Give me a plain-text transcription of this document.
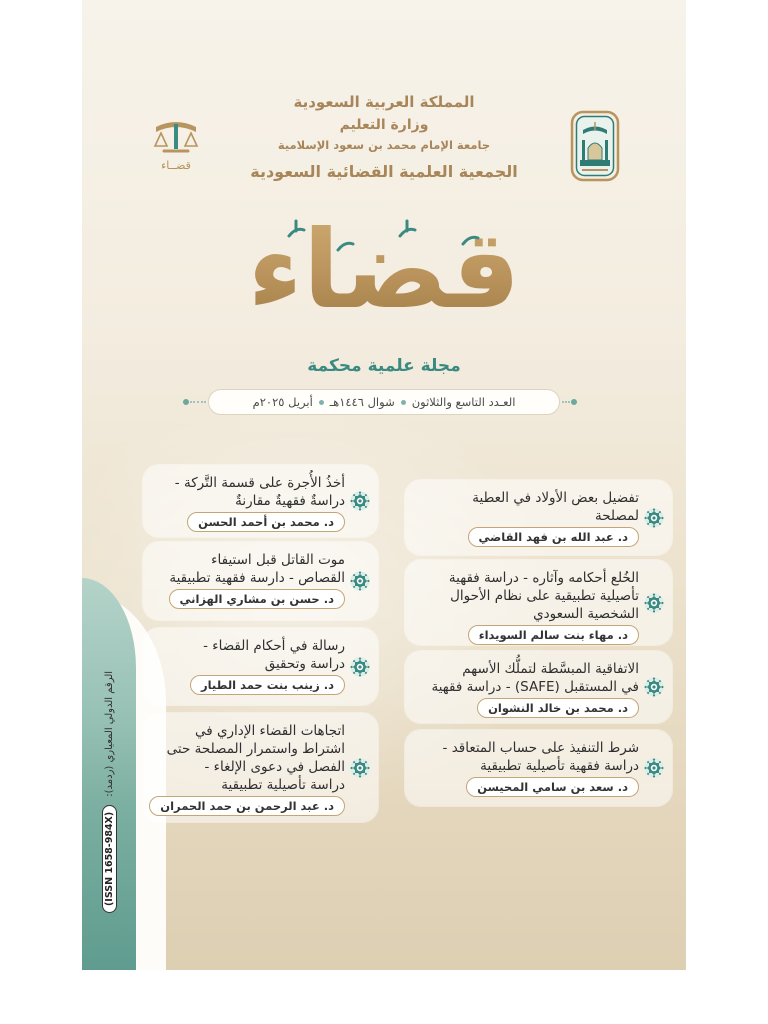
الرقم الدولي المعياري (ردمد):
(ISSN 1658-984X)
قضــاء
المملكة العربية السعودية
وزارة التعليم
جامعة الإمام محمد بن سعود الإسلامية
الجمعية العلمية القضائية السعودية
قضاء
مجلة علمية محكمة
العـدد التاسع والثلاثون
شوال ١٤٤٦هـ
أبريل ٢٠٢٥م
أخذُ الأُجرة على قسمة التَّركة -
دراسةٌ فقهيةٌ مقارنةٌ
د. محمد بن أحمد الحسن
موت القاتل قبل استيفاء
القصاص - دارسة فقهية تطبيقية
د. حسن بن مشاري الهزاني
رسالة في أحكام القضاء -
دراسة وتحقيق
د. زينب بنت حمد الطيار
اتجاهات القضاء الإداري في
اشتراط واستمرار المصلحة حتى
الفصل في دعوى الإلغاء -
دراسة تأصيلية تطبيقية
د. عبد الرحمن بن حمد الحمران
تفضيل بعض الأولاد في العطية
لمصلحة
د. عبد الله بن فهد القاضي
الخُلع أحكامه وآثاره - دراسة فقهية
تأصيلية تطبيقية على نظام الأحوال
الشخصية السعودي
د. مهاء بنت سالم السويداء
الاتفاقية المبسَّطة لتملُّك الأسهم
في المستقبل (SAFE) - دراسة فقهية
د. محمد بن خالد النشوان
شرط التنفيذ على حساب المتعاقد -
دراسة فقهية تأصيلية تطبيقية
د. سعد بن سامي المحيسن
